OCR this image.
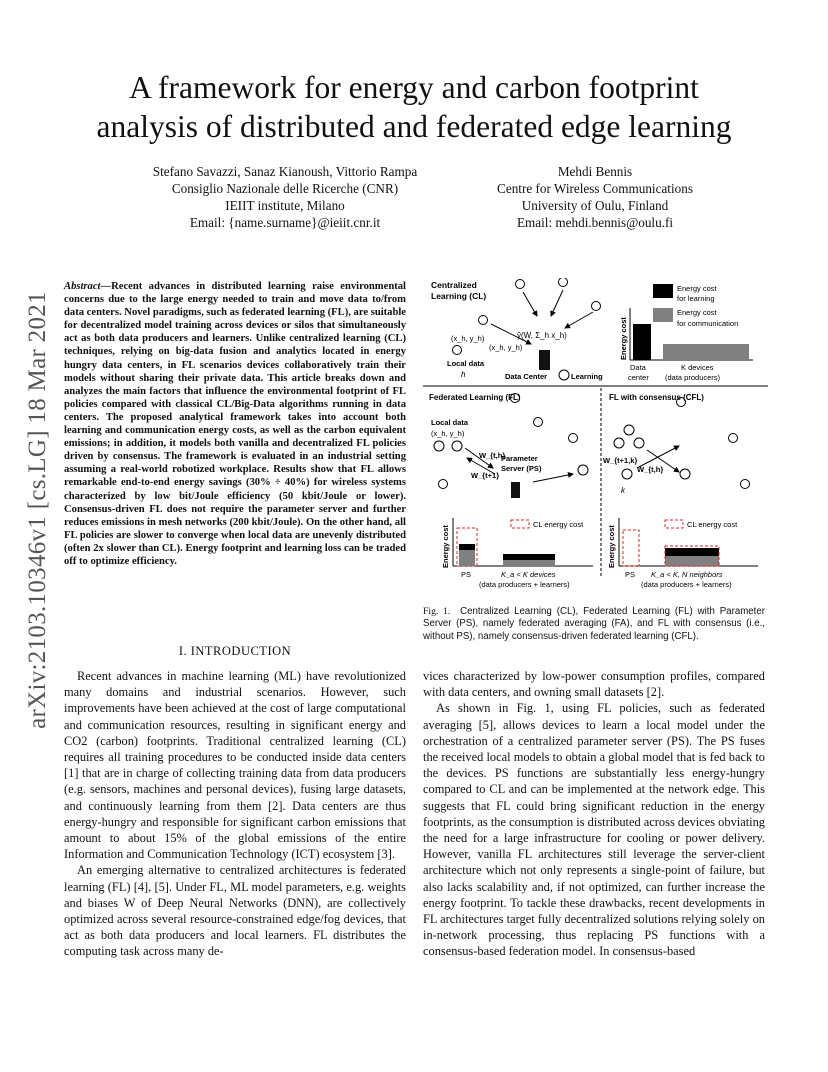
A framework for energy and carbon footprint
analysis of distributed and federated edge learning
Stefano Savazzi, Sanaz Kianoush, Vittorio Rampa
Consiglio Nazionale delle Ricerche (CNR)
IEIIT institute, Milano
Email: {name.surname}@ieiit.cnr.it
Mehdi Bennis
Centre for Wireless Communications
University of Oulu, Finland
Email: mehdi.bennis@oulu.fi
arXiv:2103.10346v1 [cs.LG] 18 Mar 2021
Abstract—Recent advances in distributed learning raise environmental concerns due to the large energy needed to train and move data to/from data centers. Novel paradigms, such as federated learning (FL), are suitable for decentralized model training across devices or silos that simultaneously act as both data producers and learners. Unlike centralized learning (CL) techniques, relying on big-data fusion and analytics located in energy hungry data centers, in FL scenarios devices collaboratively train their models without sharing their private data. This article breaks down and analyzes the main factors that influence the environmental footprint of FL policies compared with classical CL/Big-Data algorithms running in data centers. The proposed analytical framework takes into account both learning and communication energy costs, as well as the carbon equivalent emissions; in addition, it models both vanilla and decentralized FL policies driven by consensus. The framework is evaluated in an industrial setting assuming a real-world robotized workplace. Results show that FL allows remarkable end-to-end energy savings (30% ÷ 40%) for wireless systems characterized by low bit/Joule efficiency (50 kbit/Joule or lower). Consensus-driven FL does not require the parameter server and further reduces emissions in mesh networks (200 kbit/Joule). On the other hand, all FL policies are slower to converge when local data are unevenly distributed (often 2x slower than CL). Energy footprint and learning loss can be traded off to optimize efficiency.
I. INTRODUCTION

Recent advances in machine learning (ML) have revolutionized many domains and industrial scenarios. However, such improvements have been achieved at the cost of large computational and communication resources, resulting in significant energy and CO2 (carbon) footprints. Traditional centralized learning (CL) requires all training procedures to be conducted inside data centers [1] that are in charge of collecting training data from data producers (e.g. sensors, machines and personal devices), fusing large datasets, and continuously learning from them [2]. Data centers are thus energy-hungry and responsible for significant carbon emissions that amount to about 15% of the global emissions of the entire Information and Communication Technology (ICT) ecosystem [3].

An emerging alternative to centralized architectures is federated learning (FL) [4], [5]. Under FL, ML model parameters, e.g. weights and biases W of Deep Neural Networks (DNN), are collectively optimized across several resource-constrained edge/fog devices, that act as both data producers and local learners. FL distributes the computing task across many de-

vices characterized by low-power consumption profiles, compared with data centers, and owning small datasets [2].

As shown in Fig. 1, using FL policies, such as federated averaging [5], allows devices to learn a local model under the orchestration of a centralized parameter server (PS). The PS fuses the received local models to obtain a global model that is fed back to the devices. PS functions are substantially less energy-hungry compared to CL and can be implemented at the network edge. This suggests that FL could bring significant reduction in the energy footprints, as the consumption is distributed across devices obviating the need for a large infrastructure for cooling or power delivery. However, vanilla FL architectures still leverage the server-client architecture which not only represents a single-point of failure, but also lacks scalability and, if not optimized, can further increase the energy footprint. To tackle these drawbacks, recent developments in FL architectures target fully decentralized solutions relying solely on in-network processing, thus replacing PS functions with a consensus-based federation model. In consensus-based

Fig. 1. Centralized Learning (CL), Federated Learning (FL) with Parameter Server (PS), namely federated averaging (FA), and FL with consensus (i.e., without PS), namely consensus-driven federated learning (CFL).
Centralized
Learning (CL)
(x_h, y_h)
(x_h, y_h)
ŷ(W, Σ_h x_h)
Local data
h	Data Center	Learning
Energy cost
for learning
Energy cost
for communication
Energy cost
Data
center
K devices
(data producers)
Federated Learning (FL)
Local data
(x_h, y_h)
W_{t,h}
W_{t+1}
Parameter
Server (PS)
Energy cost
CL energy cost
PS	K_a < K devices
(data producers + learners)
FL with consensus (CFL)
W_{t+1,k}
W_{t,h}
k
Energy cost
CL energy cost
PS K_a < K, N neighbors
(data producers + learners)
